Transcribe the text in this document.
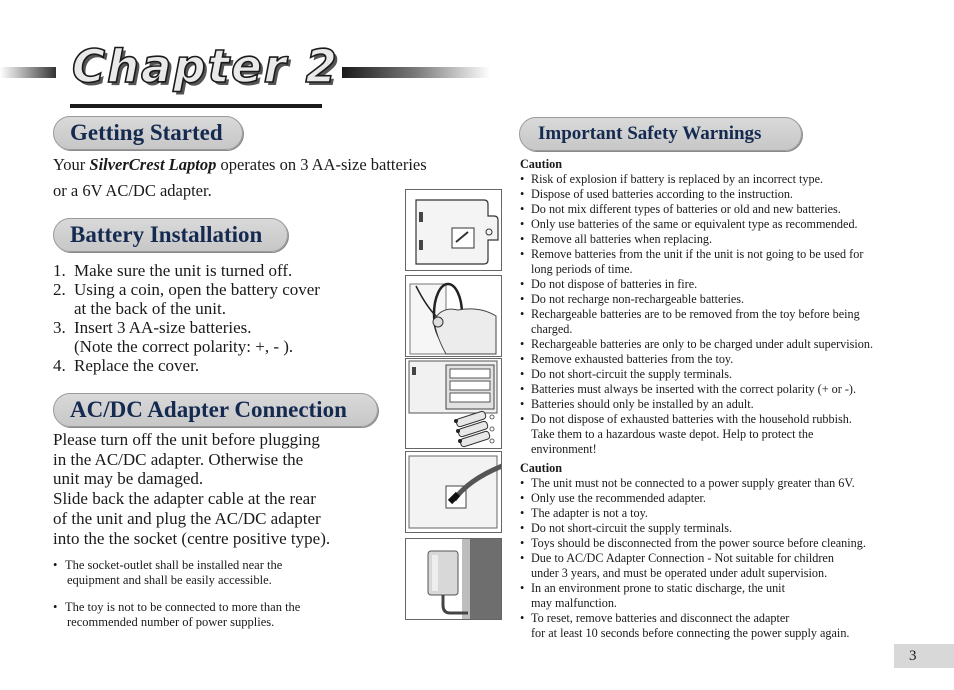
Chapter 2
Getting Started
Your SilverCrest Laptop operates on 3 AA-size batteries
or a 6V AC/DC adapter.
Battery Installation
1. Make sure the unit is turned off.
2. Using a coin, open the battery cover
at the back of the unit.
3. Insert 3 AA-size batteries.
(Note the correct polarity: +, - ).
4. Replace the cover.
AC/DC Adapter Connection
Please turn off the unit before plugging
in the AC/DC adapter. Otherwise the
unit may be damaged.
Slide back the adapter cable at the rear
of the unit and plug the AC/DC adapter
into the the socket (centre positive type).
• The socket-outlet shall be installed near the
equipment and shall be easily accessible.
• The toy is not to be connected to more than the
recommended number of power supplies.
Important Safety Warnings
Caution
• Risk of explosion if battery is replaced by an incorrect type.
• Dispose of used batteries according to the instruction.
• Do not mix different types of batteries or old and new batteries.
• Only use batteries of the same or equivalent type as recommended.
• Remove all batteries when replacing.
• Remove batteries from the unit if the unit is not going to be used for
long periods of time.
• Do not dispose of batteries in fire.
• Do not recharge non-rechargeable batteries.
• Rechargeable batteries are to be removed from the toy before being
charged.
• Rechargeable batteries are only to be charged under adult supervision.
• Remove exhausted batteries from the toy.
• Do not short-circuit the supply terminals.
• Batteries must always be inserted with the correct polarity (+ or -).
• Batteries should only be installed by an adult.
• Do not dispose of exhausted batteries with the household rubbish.
Take them to a hazardous waste depot. Help to protect the
environment!
Caution
• The unit must not be connected to a power supply greater than 6V.
• Only use the recommended adapter.
• The adapter is not a toy.
• Do not short-circuit the supply terminals.
• Toys should be disconnected from the power source before cleaning.
• Due to AC/DC Adapter Connection - Not suitable for children
under 3 years, and must be operated under adult supervision.
• In an environment prone to static discharge, the unit
may malfunction.
• To reset, remove batteries and disconnect the adapter
for at least 10 seconds before connecting the power supply again.
3
